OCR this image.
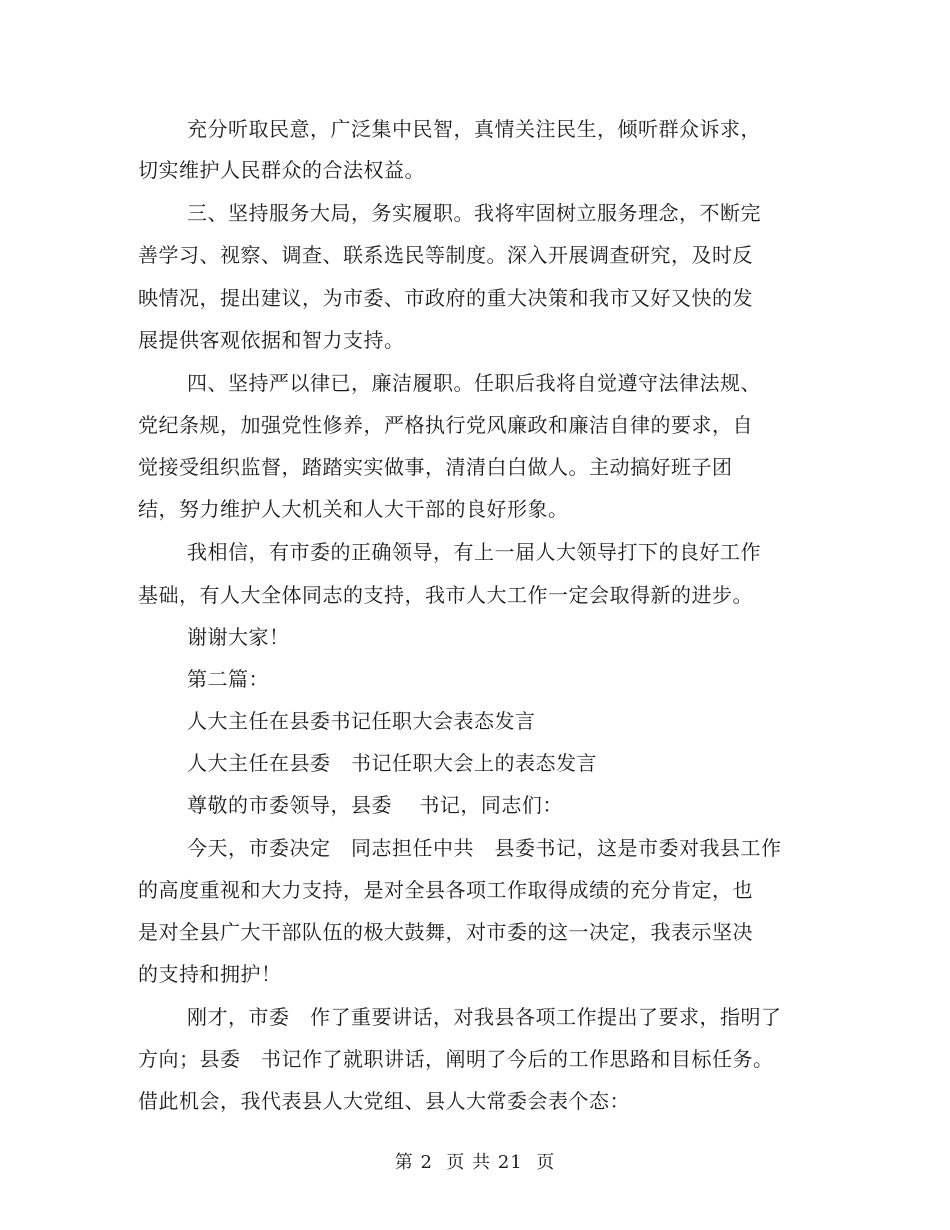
充分听取民意，广泛集中民智，真情关注民生，倾听群众诉求，
切实维护人民群众的合法权益。
三、坚持服务大局，务实履职。我将牢固树立服务理念，不断完
善学习、视察、调查、联系选民等制度。深入开展调查研究，及时反
映情况，提出建议，为市委、市政府的重大决策和我市又好又快的发
展提供客观依据和智力支持。
四、坚持严以律已，廉洁履职。任职后我将自觉遵守法律法规、
党纪条规，加强党性修养，严格执行党风廉政和廉洁自律的要求，自
觉接受组织监督，踏踏实实做事，清清白白做人。主动搞好班子团
结，努力维护人大机关和人大干部的良好形象。
我相信，有市委的正确领导，有上一届人大领导打下的良好工作
基础，有人大全体同志的支持，我市人大工作一定会取得新的进步。
谢谢大家！
第二篇：
人大主任在县委书记任职大会表态发言
人大主任在县委　书记任职大会上的表态发言
尊敬的市委领导，县委　 书记，同志们：
今天，市委决定　同志担任中共　县委书记，这是市委对我县工作
的高度重视和大力支持，是对全县各项工作取得成绩的充分肯定，也
是对全县广大干部队伍的极大鼓舞，对市委的这一决定，我表示坚决
的支持和拥护！
刚才，市委　作了重要讲话，对我县各项工作提出了要求，指明了
方向；县委　书记作了就职讲话，阐明了今后的工作思路和目标任务。
借此机会，我代表县人大党组、县人大常委会表个态：
第 2  页 共 21  页
